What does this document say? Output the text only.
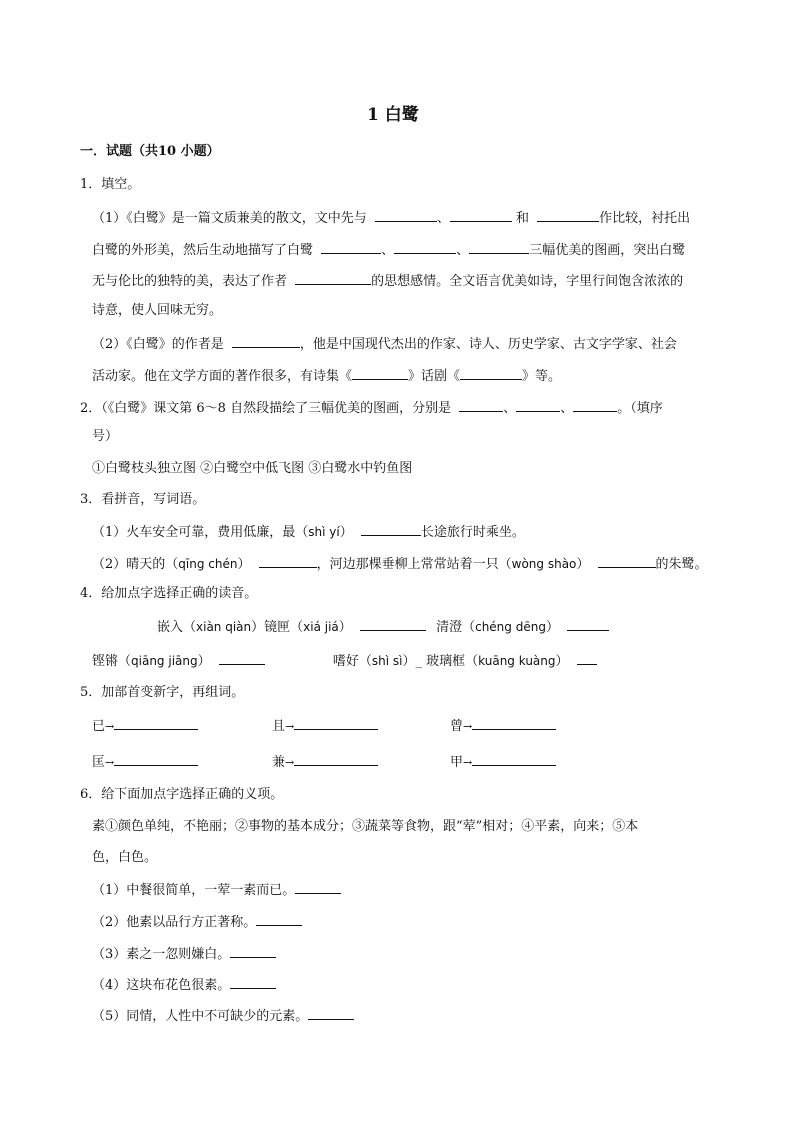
1 白鹭
一．试题（共10 小题）
1．填空。
（1）《白鹭》是一篇文质兼美的散文，文中先与	、	和	作比较，衬托出
白鹭的外形美，然后生动地描写了白鹭	、	、	三幅优美的图画，突出白鹭
无与伦比的独特的美，表达了作者	的思想感情。全文语言优美如诗，字里行间饱含浓浓的
诗意，使人回味无穷。
（2）《白鹭》的作者是	，他是中国现代杰出的作家、诗人、历史学家、古文字学家、社会
活动家。他在文学方面的著作很多，有诗集《	》话剧《	》等。
2．（《白鹭》课文第 6～8 自然段描绘了三幅优美的图画，分别是	、	、	。（填序
号）
①白鹭枝头独立图 ②白鹭空中低飞图 ③白鹭水中钓鱼图
3．看拼音，写词语。
（1）火车安全可靠，费用低廉，最（shì yí）	长途旅行时乘坐。
（2）晴天的（qīng chén）	，河边那棵垂柳上常常站着一只（wòng shào）	的朱鹭。
4．给加点字选择正确的读音。
嵌入（xiàn qiàn）镜匣（xiá jiá）	清澄（chéng dēng）
铿锵（qiāng jiāng）	嗜好（shì sì）_ 玻璃框（kuāng kuàng）
5．加部首变新字，再组词。
已→	且→	曾→
匡→	兼→	甲→
6．给下面加点字选择正确的义项。
素①颜色单纯，不艳丽；②事物的基本成分；③蔬菜等食物，跟“荤”相对；④平素，向来；⑤本
色，白色。
（1）中餐很简单，一荤一素而已。
（2）他素以品行方正著称。
（3）素之一忽则嫌白。
（4）这块布花色很素。
（5）同情，人性中不可缺少的元素。
